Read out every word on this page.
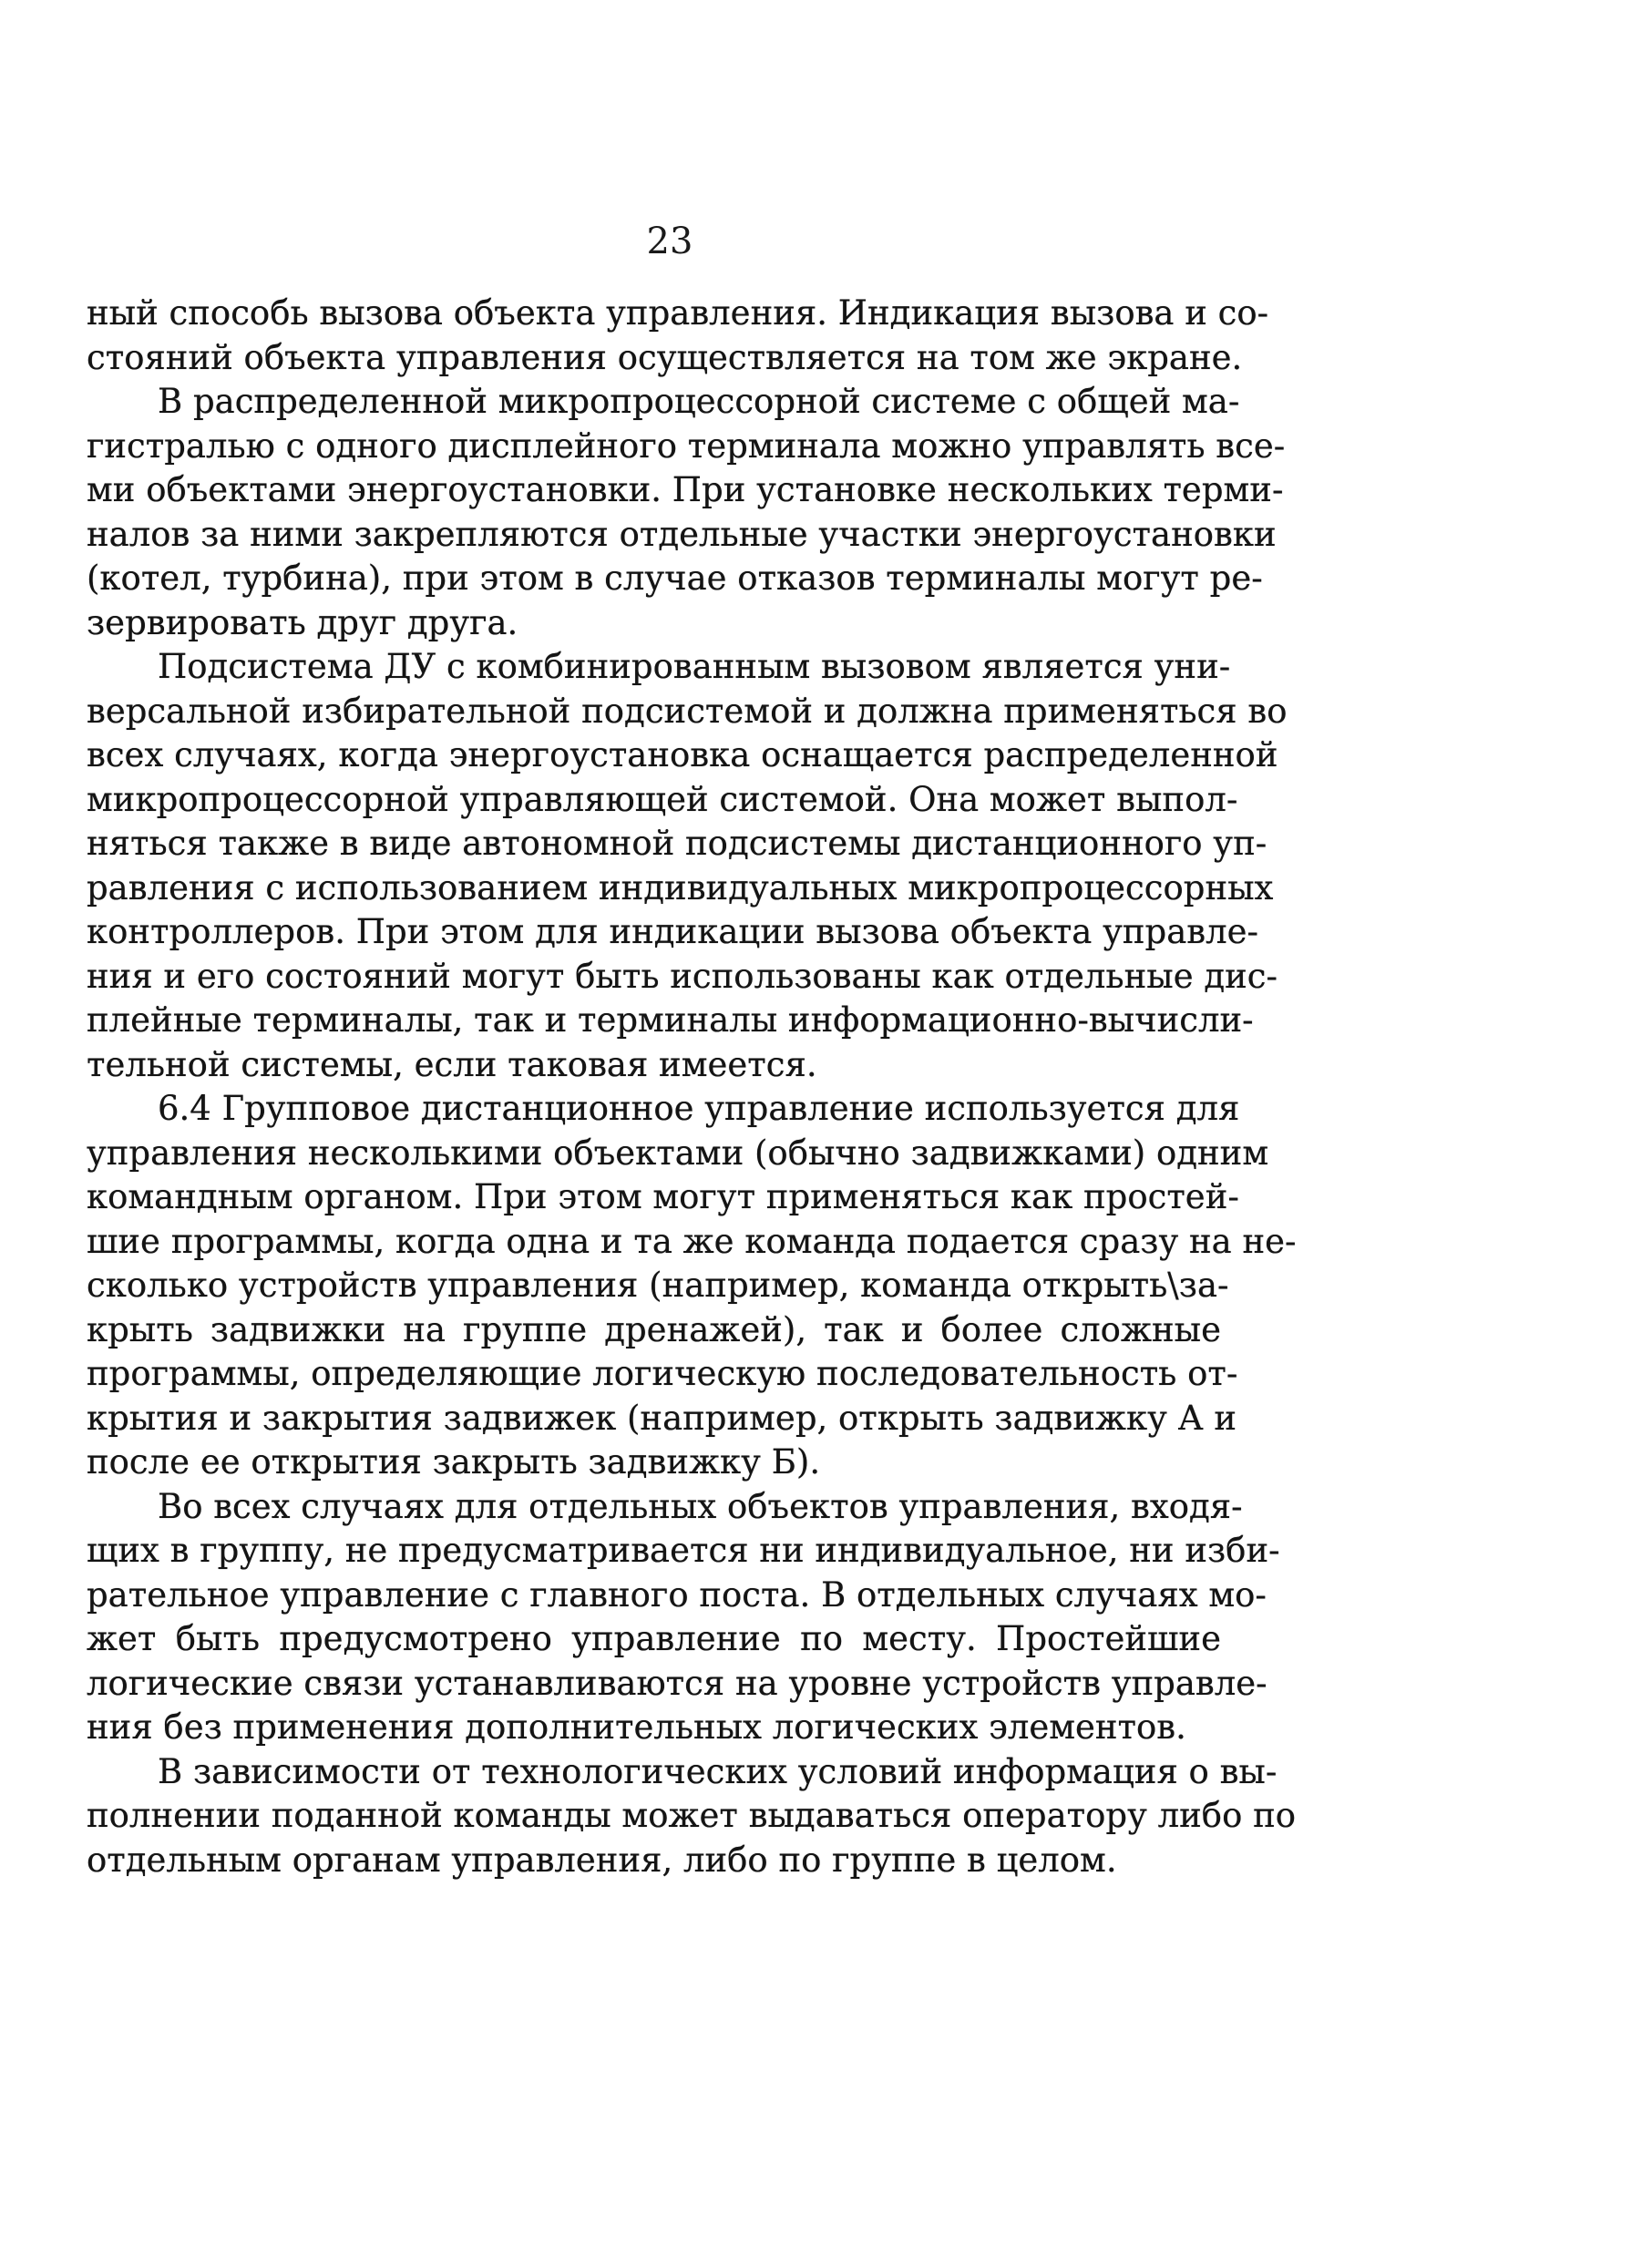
23
ный способь вызова объекта управления. Индикация вызова и со-
стояний объекта управления осуществляется на том же экране.
В распределенной микропроцессорной системе с общей ма-
гистралью с одного дисплейного терминала можно управлять все-
ми объектами энергоустановки. При установке нескольких терми-
налов за ними закрепляются отдельные участки энергоустановки
(котел, турбина), при этом в случае отказов терминалы могут ре-
зервировать друг друга.
Подсистема ДУ с комбинированным вызовом является уни-
версальной избирательной подсистемой и должна применяться во
всех случаях, когда энергоустановка оснащается распределенной
микропроцессорной управляющей системой. Она может выпол-
няться также в виде автономной подсистемы дистанционного уп-
равления с использованием индивидуальных микропроцессорных
контроллеров. При этом для индикации вызова объекта управле-
ния и его состояний могут быть использованы как отдельные дис-
плейные терминалы, так и терминалы информационно-вычисли-
тельной системы, если таковая имеется.
6.4 Групповое дистанционное управление используется для
управления несколькими объектами (обычно задвижками) одним
командным органом. При этом могут применяться как простей-
шие программы, когда одна и та же команда подается сразу на не-
сколько устройств управления (например, команда открыть\за-
крыть задвижки на группе дренажей), так и более сложные
программы, определяющие логическую последовательность от-
крытия и закрытия задвижек (например, открыть задвижку А и
после ее открытия закрыть задвижку Б).
Во всех случаях для отдельных объектов управления, входя-
щих в группу, не предусматривается ни индивидуальное, ни изби-
рательное управление с главного поста. В отдельных случаях мо-
жет быть предусмотрено управление по месту. Простейшие
логические связи устанавливаются на уровне устройств управле-
ния без применения дополнительных логических элементов.
В зависимости от технологических условий информация о вы-
полнении поданной команды может выдаваться оператору либо по
отдельным органам управления, либо по группе в целом.
